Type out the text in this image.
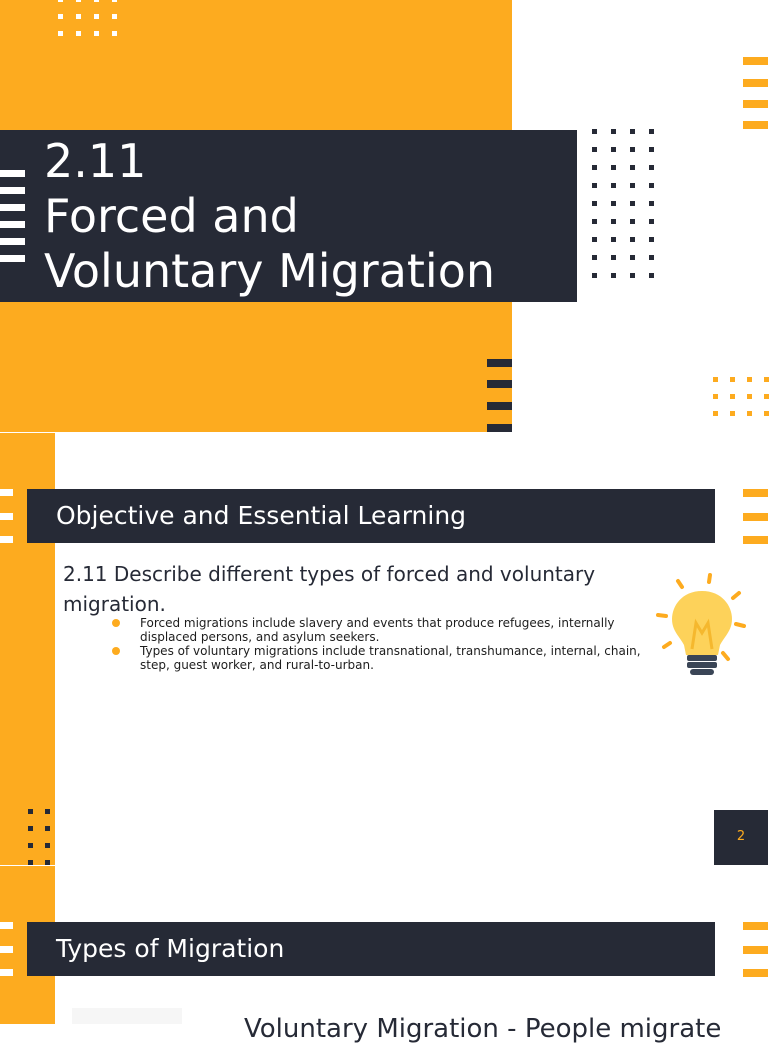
2.11
Forced and
Voluntary Migration
Objective and Essential Learning
2.11 Describe different types of forced and voluntary migration.
Forced migrations include slavery and events that produce refugees, internally displaced persons, and asylum seekers.
Types of voluntary migrations include transnational, transhumance, internal, chain, step, guest worker, and rural-to-urban.
2
Types of Migration
Voluntary Migration - People migrate
